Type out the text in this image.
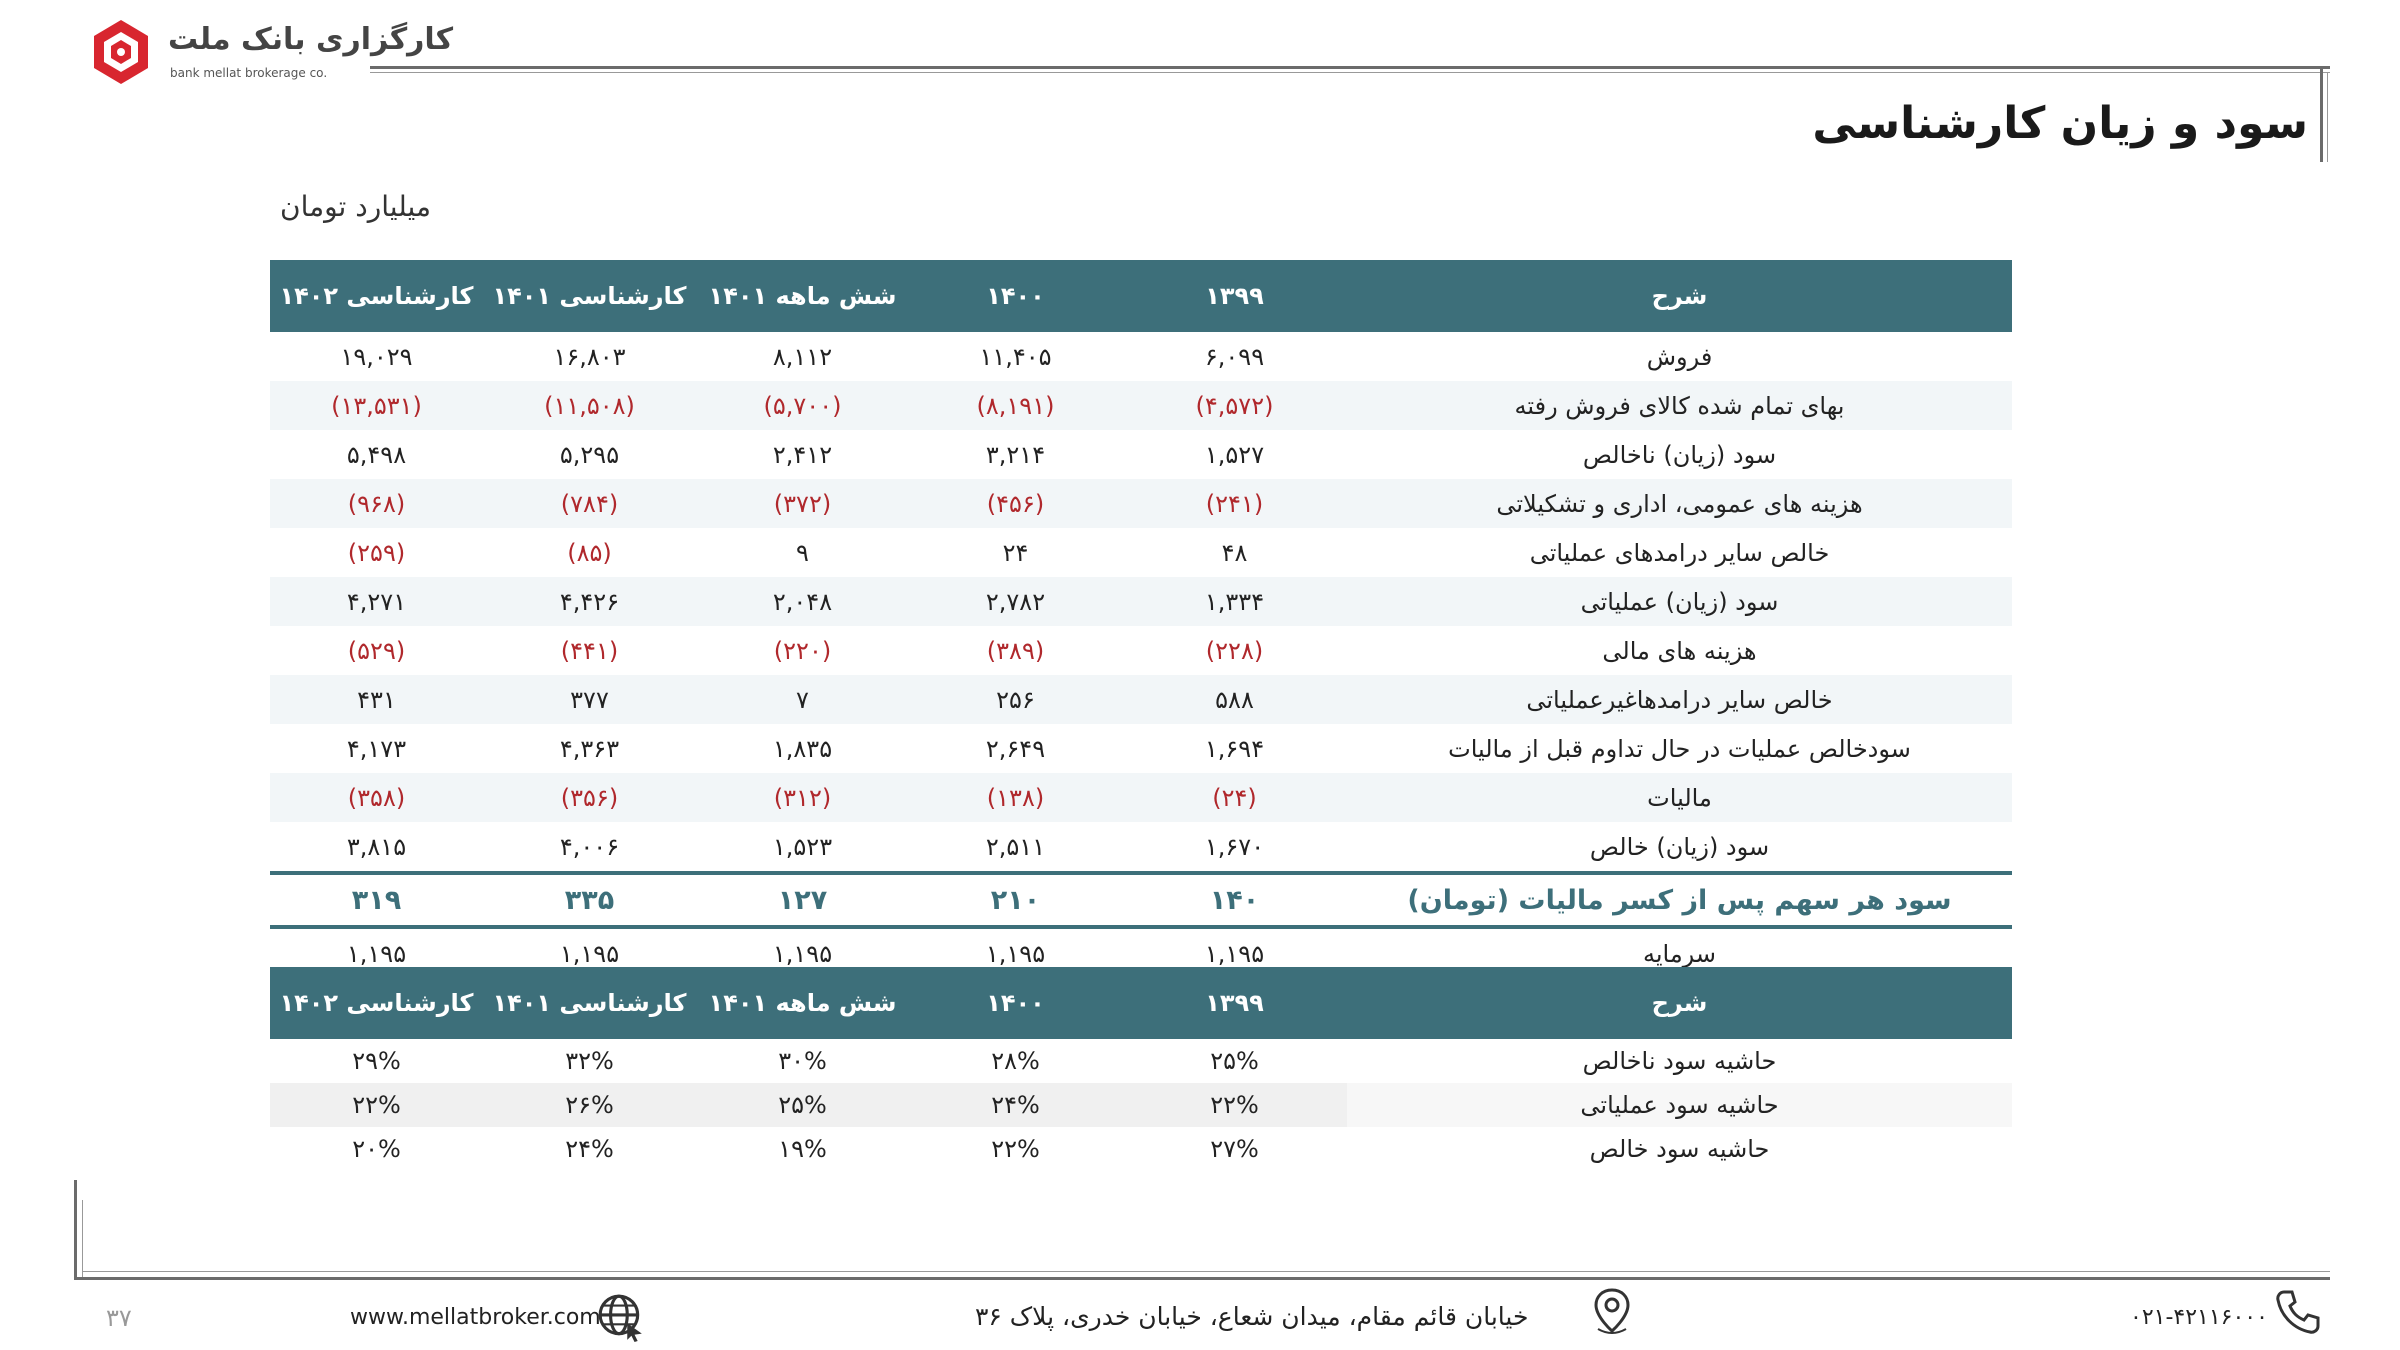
کارگزاری بانک ملت
bank mellat brokerage co.
سود و زیان کارشناسی
میلیارد تومان
کارشناسی ۱۴۰۲	کارشناسی ۱۴۰۱	شش ماهه ۱۴۰۱	۱۴۰۰	۱۳۹۹	شرح
۱۹,۰۲۹	۱۶,۸۰۳	۸,۱۱۲	۱۱,۴۰۵	۶,۰۹۹	فروش
(۱۳,۵۳۱)	(۱۱,۵۰۸)	(۵,۷۰۰)	(۸,۱۹۱)	(۴,۵۷۲)	بهای تمام شده کالای فروش رفته
۵,۴۹۸	۵,۲۹۵	۲,۴۱۲	۳,۲۱۴	۱,۵۲۷	سود (زیان) ناخالص
(۹۶۸)	(۷۸۴)	(۳۷۲)	(۴۵۶)	(۲۴۱)	هزینه های عمومی، اداری و تشکیلاتی
(۲۵۹)	(۸۵)	۹	۲۴	۴۸	خالص سایر درامدهای عملیاتی
۴,۲۷۱	۴,۴۲۶	۲,۰۴۸	۲,۷۸۲	۱,۳۳۴	سود (زیان) عملیاتی
(۵۲۹)	(۴۴۱)	(۲۲۰)	(۳۸۹)	(۲۲۸)	هزینه های مالی
۴۳۱	۳۷۷	۷	۲۵۶	۵۸۸	خالص سایر درامدهاغیرعملیاتی
۴,۱۷۳	۴,۳۶۳	۱,۸۳۵	۲,۶۴۹	۱,۶۹۴	سودخالص عملیات در حال تداوم قبل از مالیات
(۳۵۸)	(۳۵۶)	(۳۱۲)	(۱۳۸)	(۲۴)	مالیات
۳,۸۱۵	۴,۰۰۶	۱,۵۲۳	۲,۵۱۱	۱,۶۷۰	سود (زیان) خالص
۳۱۹	۳۳۵	۱۲۷	۲۱۰	۱۴۰	سود هر سهم پس از کسر مالیات (تومان)
۱,۱۹۵	۱,۱۹۵	۱,۱۹۵	۱,۱۹۵	۱,۱۹۵	سرمایه
کارشناسی ۱۴۰۲	کارشناسی ۱۴۰۱	شش ماهه ۱۴۰۱	۱۴۰۰	۱۳۹۹	شرح
۲۹%	۳۲%	۳۰%	۲۸%	۲۵%	حاشیه سود ناخالص
۲۲%	۲۶%	۲۵%	۲۴%	۲۲%	حاشیه سود عملیاتی
۲۰%	۲۴%	۱۹%	۲۲%	۲۷%	حاشیه سود خالص
۳۷	www.mellatbroker.com	خیابان قائم مقام، میدان شعاع، خیابان خدری، پلاک ۳۶	۰۲۱-۴۲۱۱۶۰۰۰
